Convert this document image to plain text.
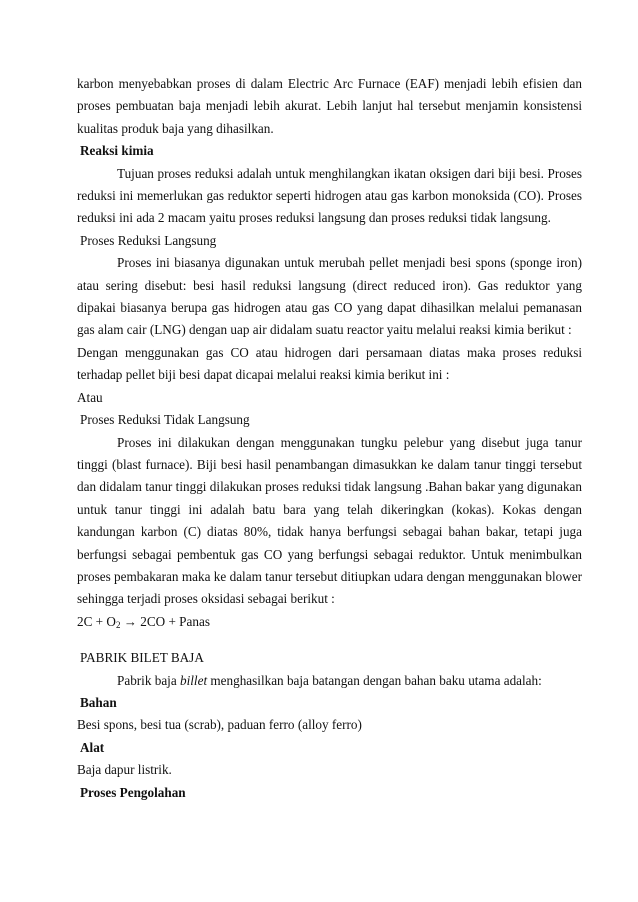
karbon menyebabkan proses di dalam Electric Arc Furnace (EAF) menjadi lebih efisien dan proses pembuatan baja menjadi lebih akurat. Lebih lanjut hal tersebut menjamin konsistensi kualitas produk baja yang dihasilkan.

Reaksi kimia

Tujuan proses reduksi adalah untuk menghilangkan ikatan oksigen dari biji besi. Proses reduksi ini memerlukan gas reduktor seperti hidrogen atau gas karbon monoksida (CO). Proses reduksi ini ada 2 macam yaitu proses reduksi langsung dan proses reduksi tidak langsung.

Proses Reduksi Langsung

Proses ini biasanya digunakan untuk merubah pellet menjadi besi spons (sponge iron) atau sering disebut: besi hasil reduksi langsung (direct reduced iron). Gas reduktor yang dipakai biasanya berupa gas hidrogen atau gas CO yang dapat dihasilkan melalui pemanasan gas alam cair (LNG) dengan uap air didalam suatu reactor yaitu melalui reaksi kimia berikut :

Dengan menggunakan gas CO atau hidrogen dari persamaan diatas maka proses reduksi terhadap pellet biji besi dapat dicapai melalui reaksi kimia berikut ini :

Atau
Proses Reduksi Tidak Langsung

Proses ini dilakukan dengan menggunakan tungku pelebur yang disebut juga tanur tinggi (blast furnace). Biji besi hasil penambangan dimasukkan ke dalam tanur tinggi tersebut dan didalam tanur tinggi dilakukan proses reduksi tidak langsung .Bahan bakar yang digunakan untuk tanur tinggi ini adalah batu bara yang telah dikeringkan (kokas). Kokas dengan kandungan karbon (C) diatas 80%, tidak hanya berfungsi sebagai bahan bakar, tetapi juga berfungsi sebagai pembentuk gas CO yang berfungsi sebagai reduktor. Untuk menimbulkan proses pembakaran maka ke dalam tanur tersebut ditiupkan udara dengan menggunakan blower sehingga terjadi proses oksidasi sebagai berikut :

$2C + O_2 \to 2CO$ + Panas
PABRIK BILET BAJA

Pabrik baja billet menghasilkan baja batangan dengan bahan baku utama adalah:

Bahan
Besi spons, besi tua (scrab), paduan ferro (alloy ferro)
Alat
Baja dapur listrik.
Proses Pengolahan
